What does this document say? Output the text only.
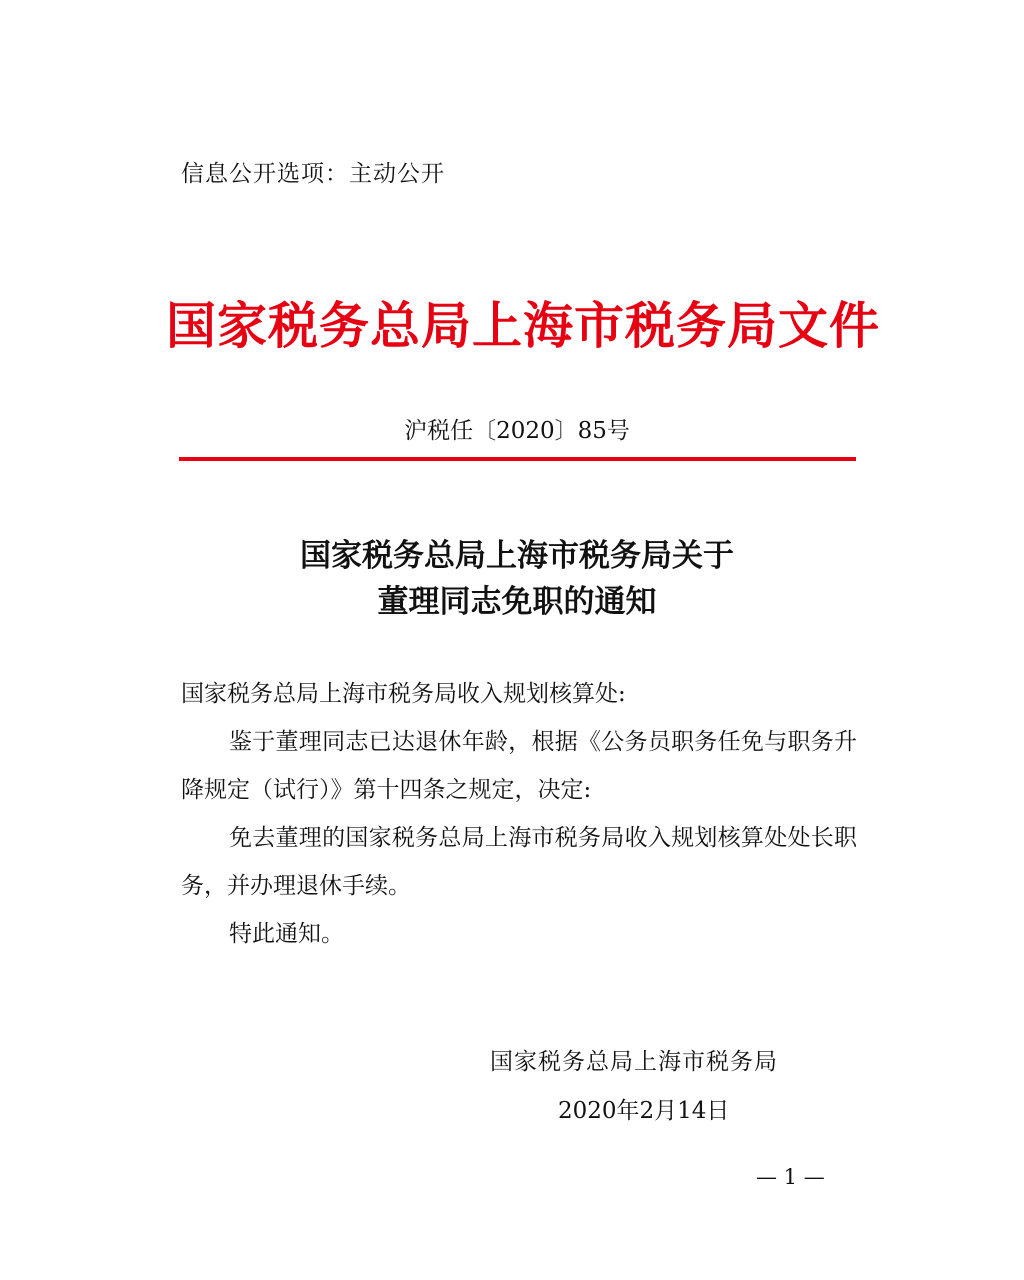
信息公开选项：主动公开
国家税务总局上海市税务局文件
沪税任〔2020〕85号
国家税务总局上海市税务局关于
董理同志免职的通知

国家税务总局上海市税务局收入规划核算处:

鉴于董理同志已达退休年龄，根据《公务员职务任免与职务升降规定（试行）》第十四条之规定，决定:

免去董理的国家税务总局上海市税务局收入规划核算处处长职务，并办理退休手续。

特此通知。

国家税务总局上海市税务局
2020年2月14日
— 1 —
